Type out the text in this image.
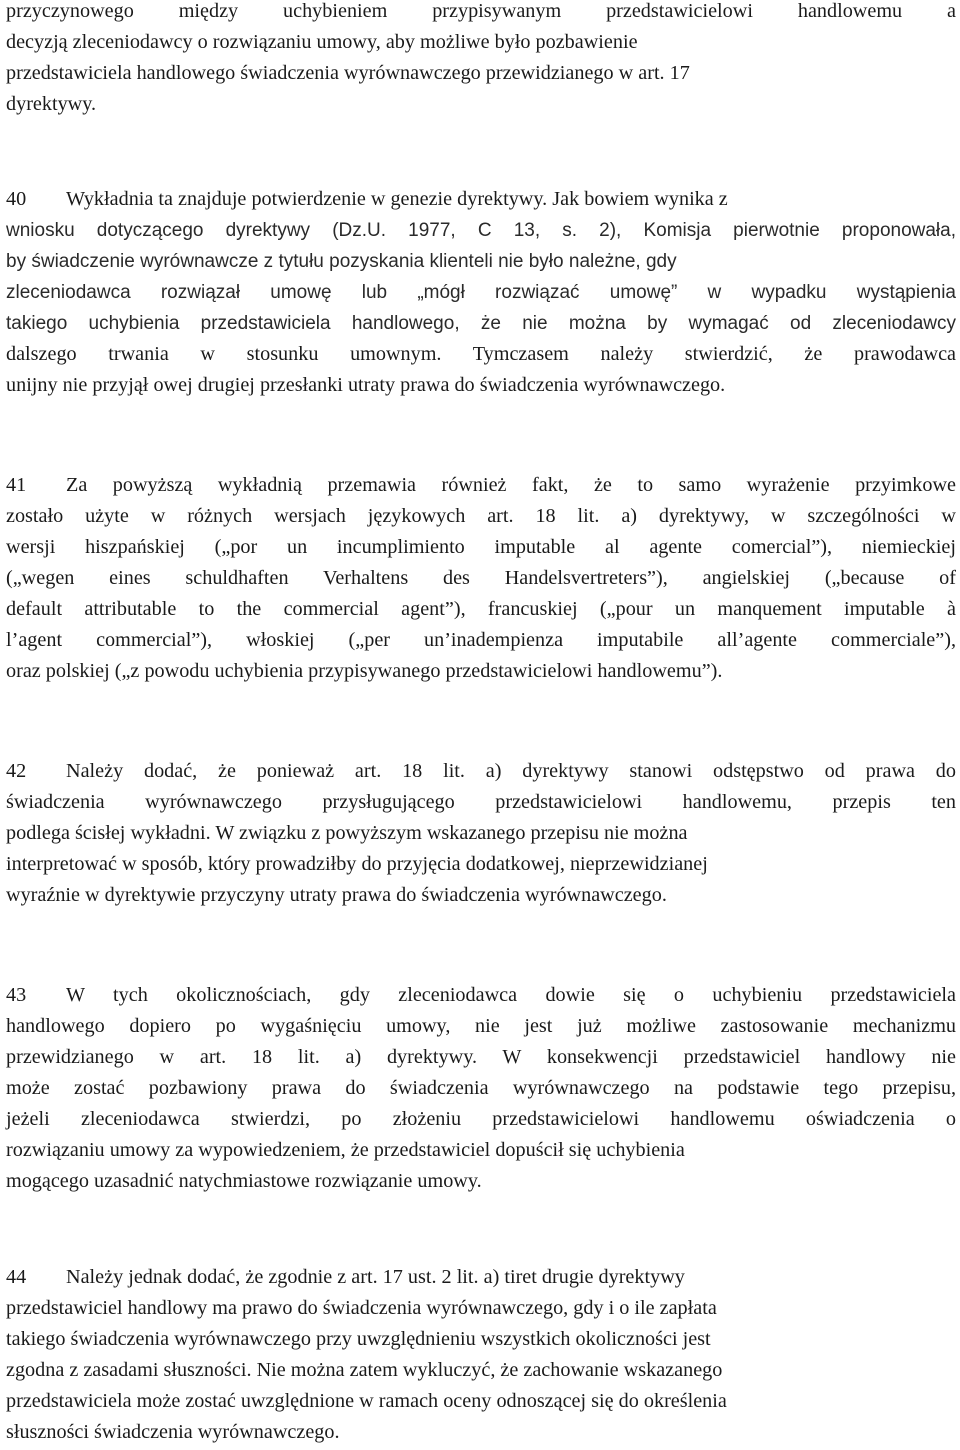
przyczynowego między uchybieniem przypisywanym przedstawicielowi handlowemu a
decyzją zleceniodawcy o rozwiązaniu umowy, aby możliwe było pozbawienie
przedstawiciela handlowego świadczenia wyrównawczego przewidzianego w art. 17
dyrektywy.
40 Wykładnia ta znajduje potwierdzenie w genezie dyrektywy. Jak bowiem wynika z
wniosku dotyczącego dyrektywy (Dz.U. 1977, C 13, s. 2), Komisja pierwotnie proponowała,
by świadczenie wyrównawcze z tytułu pozyskania klienteli nie było należne, gdy
zleceniodawca rozwiązał umowę lub „mógł rozwiązać umowę” w wypadku wystąpienia
takiego uchybienia przedstawiciela handlowego, że nie można by wymagać od zleceniodawcy
dalszego trwania w stosunku umownym. Tymczasem należy stwierdzić, że prawodawca
unijny nie przyjął owej drugiej przesłanki utraty prawa do świadczenia wyrównawczego.
41 Za powyższą wykładnią przemawia również fakt, że to samo wyrażenie przyimkowe
zostało użyte w różnych wersjach językowych art. 18 lit. a) dyrektywy, w szczególności w
wersji hiszpańskiej („por un incumplimiento imputable al agente comercial”), niemieckiej
(„wegen eines schuldhaften Verhaltens des Handelsvertreters”), angielskiej („because of
default attributable to the commercial agent”), francuskiej („pour un manquement imputable à
l’agent commercial”), włoskiej („per un’inadempienza imputabile all’agente commerciale”),
oraz polskiej („z powodu uchybienia przypisywanego przedstawicielowi handlowemu”).
42 Należy dodać, że ponieważ art. 18 lit. a) dyrektywy stanowi odstępstwo od prawa do
świadczenia wyrównawczego przysługującego przedstawicielowi handlowemu, przepis ten
podlega ścisłej wykładni. W związku z powyższym wskazanego przepisu nie można
interpretować w sposób, który prowadziłby do przyjęcia dodatkowej, nieprzewidzianej
wyraźnie w dyrektywie przyczyny utraty prawa do świadczenia wyrównawczego.
43 W tych okolicznościach, gdy zleceniodawca dowie się o uchybieniu przedstawiciela
handlowego dopiero po wygaśnięciu umowy, nie jest już możliwe zastosowanie mechanizmu
przewidzianego w art. 18 lit. a) dyrektywy. W konsekwencji przedstawiciel handlowy nie
może zostać pozbawiony prawa do świadczenia wyrównawczego na podstawie tego przepisu,
jeżeli zleceniodawca stwierdzi, po złożeniu przedstawicielowi handlowemu oświadczenia o
rozwiązaniu umowy za wypowiedzeniem, że przedstawiciel dopuścił się uchybienia
mogącego uzasadnić natychmiastowe rozwiązanie umowy.
44 Należy jednak dodać, że zgodnie z art. 17 ust. 2 lit. a) tiret drugie dyrektywy
przedstawiciel handlowy ma prawo do świadczenia wyrównawczego, gdy i o ile zapłata
takiego świadczenia wyrównawczego przy uwzględnieniu wszystkich okoliczności jest
zgodna z zasadami słuszności. Nie można zatem wykluczyć, że zachowanie wskazanego
przedstawiciela może zostać uwzględnione w ramach oceny odnoszącej się do określenia
słuszności świadczenia wyrównawczego.
